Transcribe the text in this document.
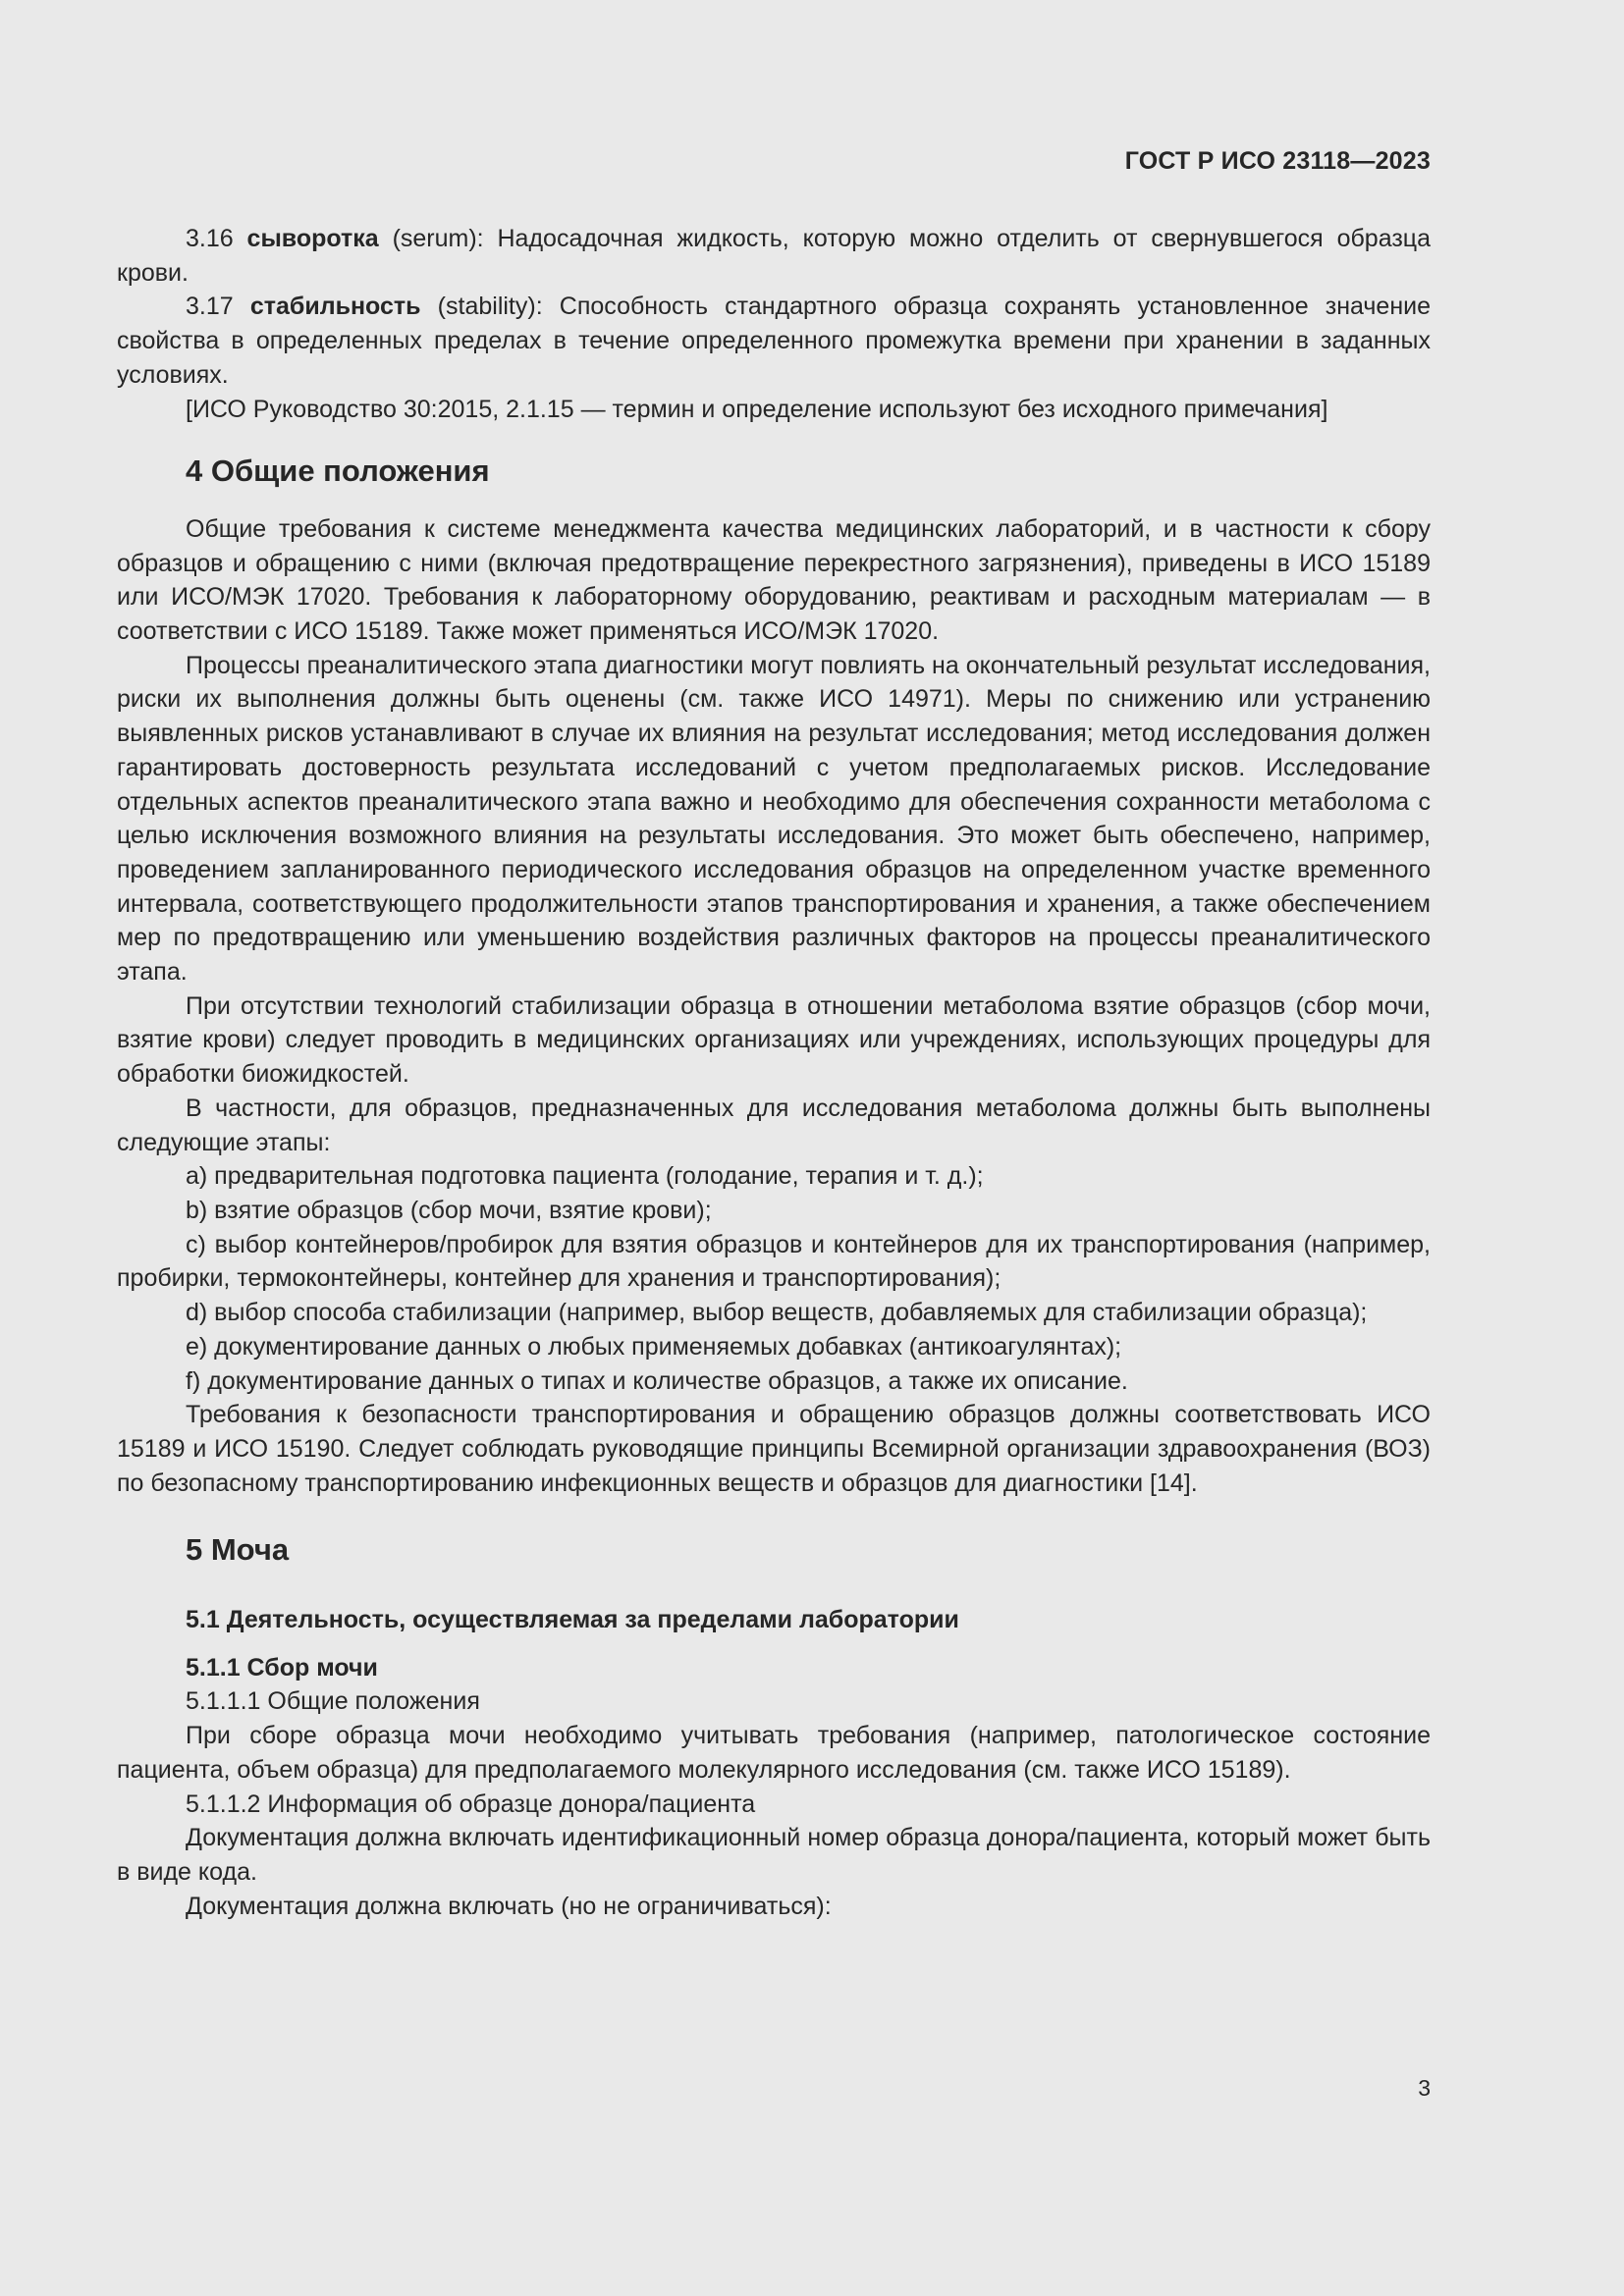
ГОСТ Р ИСО 23118—2023

3.16 сыворотка (serum): Надосадочная жидкость, которую можно отделить от свернувшегося образца крови.

3.17 стабильность (stability): Способность стандартного образца сохранять установленное значение свойства в определенных пределах в течение определенного промежутка времени при хранении в заданных условиях.

[ИСО Руководство 30:2015, 2.1.15 — термин и определение используют без исходного примечания]

4 Общие положения

Общие требования к системе менеджмента качества медицинских лабораторий, и в частности к сбору образцов и обращению с ними (включая предотвращение перекрестного загрязнения), приведены в ИСО 15189 или ИСО/МЭК 17020. Требования к лабораторному оборудованию, реактивам и расходным материалам — в соответствии с ИСО 15189. Также может применяться ИСО/МЭК 17020.

Процессы преаналитического этапа диагностики могут повлиять на окончательный результат исследования, риски их выполнения должны быть оценены (см. также ИСО 14971). Меры по снижению или устранению выявленных рисков устанавливают в случае их влияния на результат исследования; метод исследования должен гарантировать достоверность результата исследований с учетом предполагаемых рисков. Исследование отдельных аспектов преаналитического этапа важно и необходимо для обеспечения сохранности метаболома с целью исключения возможного влияния на результаты исследования. Это может быть обеспечено, например, проведением запланированного периодического исследования образцов на определенном участке временного интервала, соответствующего продолжительности этапов транспортирования и хранения, а также обеспечением мер по предотвращению или уменьшению воздействия различных факторов на процессы преаналитического этапа.

При отсутствии технологий стабилизации образца в отношении метаболома взятие образцов (сбор мочи, взятие крови) следует проводить в медицинских организациях или учреждениях, использующих процедуры для обработки биожидкостей.

В частности, для образцов, предназначенных для исследования метаболома должны быть выполнены следующие этапы:

a) предварительная подготовка пациента (голодание, терапия и т. д.);

b) взятие образцов (сбор мочи, взятие крови);

c) выбор контейнеров/пробирок для взятия образцов и контейнеров для их транспортирования (например, пробирки, термоконтейнеры, контейнер для хранения и транспортирования);

d) выбор способа стабилизации (например, выбор веществ, добавляемых для стабилизации образца);

e) документирование данных о любых применяемых добавках (антикоагулянтах);

f) документирование данных о типах и количестве образцов, а также их описание.

Требования к безопасности транспортирования и обращению образцов должны соответствовать ИСО 15189 и ИСО 15190. Следует соблюдать руководящие принципы Всемирной организации здравоохранения (ВОЗ) по безопасному транспортированию инфекционных веществ и образцов для диагностики [14].

5 Моча
5.1 Деятельность, осуществляемая за пределами лаборатории

5.1.1 Сбор мочи

5.1.1.1 Общие положения

При сборе образца мочи необходимо учитывать требования (например, патологическое состояние пациента, объем образца) для предполагаемого молекулярного исследования (см. также ИСО 15189).

5.1.1.2 Информация об образце донора/пациента

Документация должна включать идентификационный номер образца донора/пациента, который может быть в виде кода.

Документация должна включать (но не ограничиваться):

3
